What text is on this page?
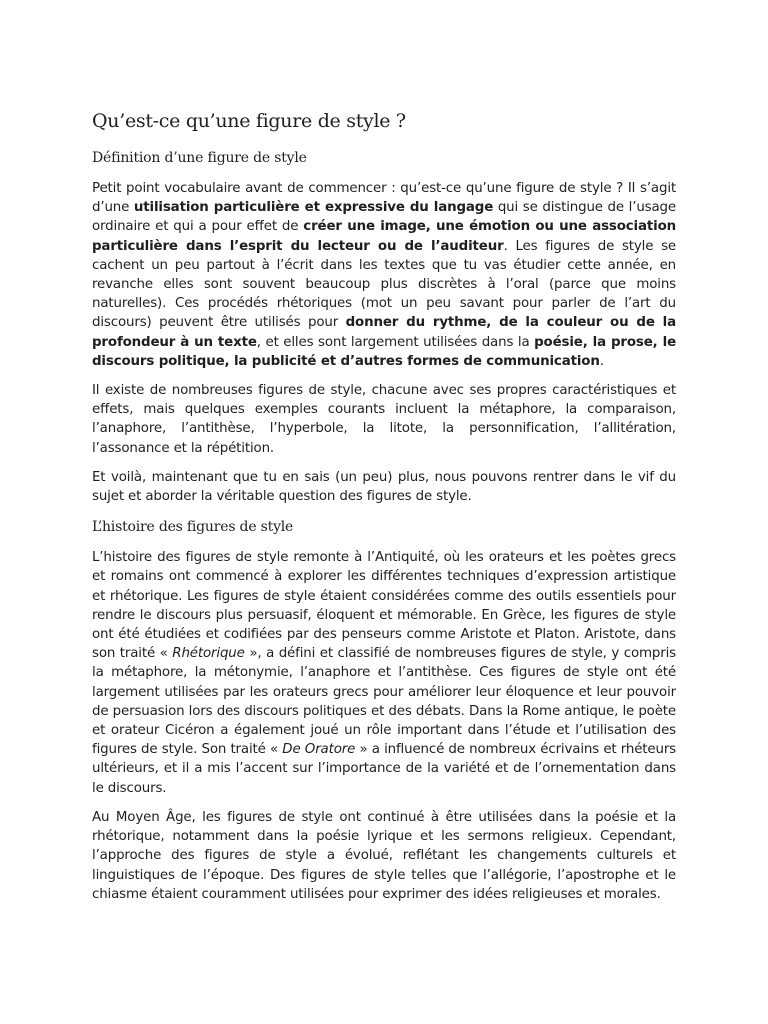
Qu’est-ce qu’une figure de style ?
Définition d’une figure de style

Petit point vocabulaire avant de commencer : qu’est-ce qu’une figure de style ? Il s’agit d’une utilisation particulière et expressive du langage qui se distingue de l’usage ordinaire et qui a pour effet de créer une image, une émotion ou une association particulière dans l’esprit du lecteur ou de l’auditeur. Les figures de style se cachent un peu partout à l’écrit dans les textes que tu vas étudier cette année, en revanche elles sont souvent beaucoup plus discrètes à l’oral (parce que moins naturelles). Ces procédés rhétoriques (mot un peu savant pour parler de l’art du discours) peuvent être utilisés pour donner du rythme, de la couleur ou de la profondeur à un texte, et elles sont largement utilisées dans la poésie, la prose, le discours politique, la publicité et d’autres formes de communication.

Il existe de nombreuses figures de style, chacune avec ses propres caractéristiques et effets, mais quelques exemples courants incluent la métaphore, la comparaison, l’anaphore, l’antithèse, l’hyperbole, la litote, la personnification, l’allitération, l’assonance et la répétition.

Et voilà, maintenant que tu en sais (un peu) plus, nous pouvons rentrer dans le vif du sujet et aborder la véritable question des figures de style.

L’histoire des figures de style

L’histoire des figures de style remonte à l’Antiquité, où les orateurs et les poètes grecs et romains ont commencé à explorer les différentes techniques d’expression artistique et rhétorique. Les figures de style étaient considérées comme des outils essentiels pour rendre le discours plus persuasif, éloquent et mémorable. En Grèce, les figures de style ont été étudiées et codifiées par des penseurs comme Aristote et Platon. Aristote, dans son traité « Rhétorique », a défini et classifié de nombreuses figures de style, y compris la métaphore, la métonymie, l’anaphore et l’antithèse. Ces figures de style ont été largement utilisées par les orateurs grecs pour améliorer leur éloquence et leur pouvoir de persuasion lors des discours politiques et des débats. Dans la Rome antique, le poète et orateur Cicéron a également joué un rôle important dans l’étude et l’utilisation des figures de style. Son traité « De Oratore » a influencé de nombreux écrivains et rhéteurs ultérieurs, et il a mis l’accent sur l’importance de la variété et de l’ornementation dans le discours.

Au Moyen Âge, les figures de style ont continué à être utilisées dans la poésie et la rhétorique, notamment dans la poésie lyrique et les sermons religieux. Cependant, l’approche des figures de style a évolué, reflétant les changements culturels et linguistiques de l’époque. Des figures de style telles que l’allégorie, l’apostrophe et le chiasme étaient couramment utilisées pour exprimer des idées religieuses et morales.
